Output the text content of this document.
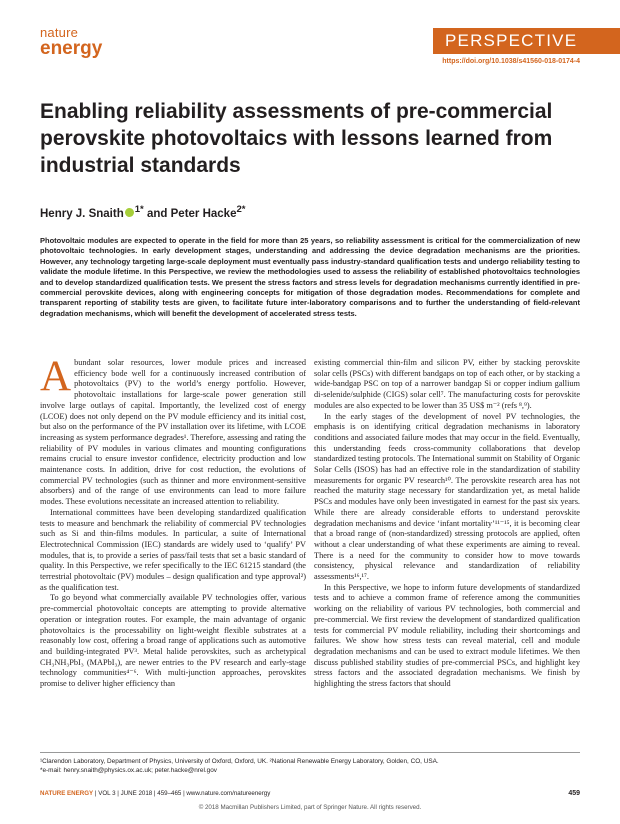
nature
energy	PERSPECTIVE
https://doi.org/10.1038/s41560-018-0174-4
Enabling reliability assessments of pre-commercial perovskite photovoltaics with lessons learned from industrial standards
Henry J. Snaith $^{1*}$ and Peter Hacke$^{2*}$

Photovoltaic modules are expected to operate in the field for more than 25 years, so reliability assessment is critical for the commercialization of new photovoltaic technologies. In early development stages, understanding and addressing the device degradation mechanisms are the priorities. However, any technology targeting large-scale deployment must eventually pass industry-standard qualification tests and undergo reliability testing to validate the module lifetime. In this Perspective, we review the methodologies used to assess the reliability of established photovoltaics technologies and to develop standardized qualification tests. We present the stress factors and stress levels for degradation mechanisms currently identified in pre-commercial perovskite devices, along with engineering concepts for mitigation of those degradation modes. Recommendations for complete and transparent reporting of stability tests are given, to facilitate future inter-laboratory comparisons and to further the understanding of field-relevant degradation mechanisms, which will benefit the development of accelerated stress tests.

Abundant solar resources, lower module prices and increased efficiency bode well for a continuously increased contribution of photovoltaics (PV) to the world’s energy portfolio. However, photovoltaic installations for large-scale power generation still involve large outlays of capital. Importantly, the levelized cost of energy (LCOE) does not only depend on the PV module efficiency and its initial cost, but also on the performance of the PV installation over its lifetime, with LCOE increasing as system performance degrades¹. Therefore, assessing and rating the reliability of PV modules in various climates and mounting configurations remains crucial to ensure investor confidence, electricity production and low maintenance costs. In addition, drive for cost reduction, the evolutions of commercial PV technologies (such as thinner and more environment-sensitive absorbers) and of the range of use environments can lead to more failure modes. These evolutions necessitate an increased attention to reliability.

International committees have been developing standardized qualification tests to measure and benchmark the reliability of commercial PV technologies such as Si and thin-films modules. In particular, a suite of International Electrotechnical Commission (IEC) standards are widely used to ‘qualify’ PV modules, that is, to provide a series of pass/fail tests that set a basic standard of quality. In this Perspective, we refer specifically to the IEC 61215 standard (the terrestrial photovoltaic (PV) modules – design qualification and type approval²) as the qualification test.

To go beyond what commercially available PV technologies offer, various pre-commercial photovoltaic concepts are attempting to provide alternative operation or integration routes. For example, the main advantage of organic photovoltaics is the processability on light-weight flexible substrates at a reasonably low cost, offering a broad range of applications such as automotive and building-integrated PV³. Metal halide perovskites, such as archetypical CH₃NH₃PbI₃ (MAPbI₃), are newer entries to the PV research and early-stage technology communities⁴⁻⁶. With multi-junction approaches, perovskites promise to deliver higher efficiency than

existing commercial thin-film and silicon PV, either by stacking perovskite solar cells (PSCs) with different bandgaps on top of each other, or by stacking a wide-bandgap PSC on top of a narrower bandgap Si or copper indium gallium di-selenide/sulphide (CIGS) solar cell⁷. The manufacturing costs for perovskite modules are also expected to be lower than 35 US$ m⁻² (refs ⁸,⁹).

In the early stages of the development of novel PV technologies, the emphasis is on identifying critical degradation mechanisms in laboratory conditions and associated failure modes that may occur in the field. Eventually, this understanding feeds cross-community collaborations that develop standardized testing protocols. The International summit on Stability of Organic Solar Cells (ISOS) has had an effective role in the standardization of stability measurements for organic PV research¹⁰. The perovskite research area has not reached the maturity stage necessary for standardization yet, as metal halide PSCs and modules have only been investigated in earnest for the past six years. While there are already considerable efforts to understand perovskite degradation mechanisms and device ‘infant mortality’¹¹⁻¹⁵, it is becoming clear that a broad range of (non-standardized) stressing protocols are applied, often without a clear understanding of what these experiments are aiming to reveal. There is a need for the community to consider how to move towards consistency, physical relevance and standardization of reliability assessments¹⁶,¹⁷.

In this Perspective, we hope to inform future developments of standardized tests and to achieve a common frame of reference among the communities working on the reliability of various PV technologies, both commercial and pre-commercial. We first review the development of standardized qualification tests for commercial PV module reliability, including their shortcomings and failures. We show how stress tests can reveal material, cell and module degradation mechanisms and can be used to extract module lifetimes. We then discuss published stability studies of pre-commercial PSCs, and highlight key stress factors and the associated degradation mechanisms. We finish by highlighting the stress factors that should

¹Clarendon Laboratory, Department of Physics, University of Oxford, Oxford, UK. ²National Renewable Energy Laboratory, Golden, CO, USA.
*e-mail: henry.snaith@physics.ox.ac.uk; peter.hacke@nrel.gov
NATURE ENERGY | VOL 3 | JUNE 2018 | 459–465 | www.nature.com/natureenergy	459
© 2018 Macmillan Publishers Limited, part of Springer Nature. All rights reserved.
